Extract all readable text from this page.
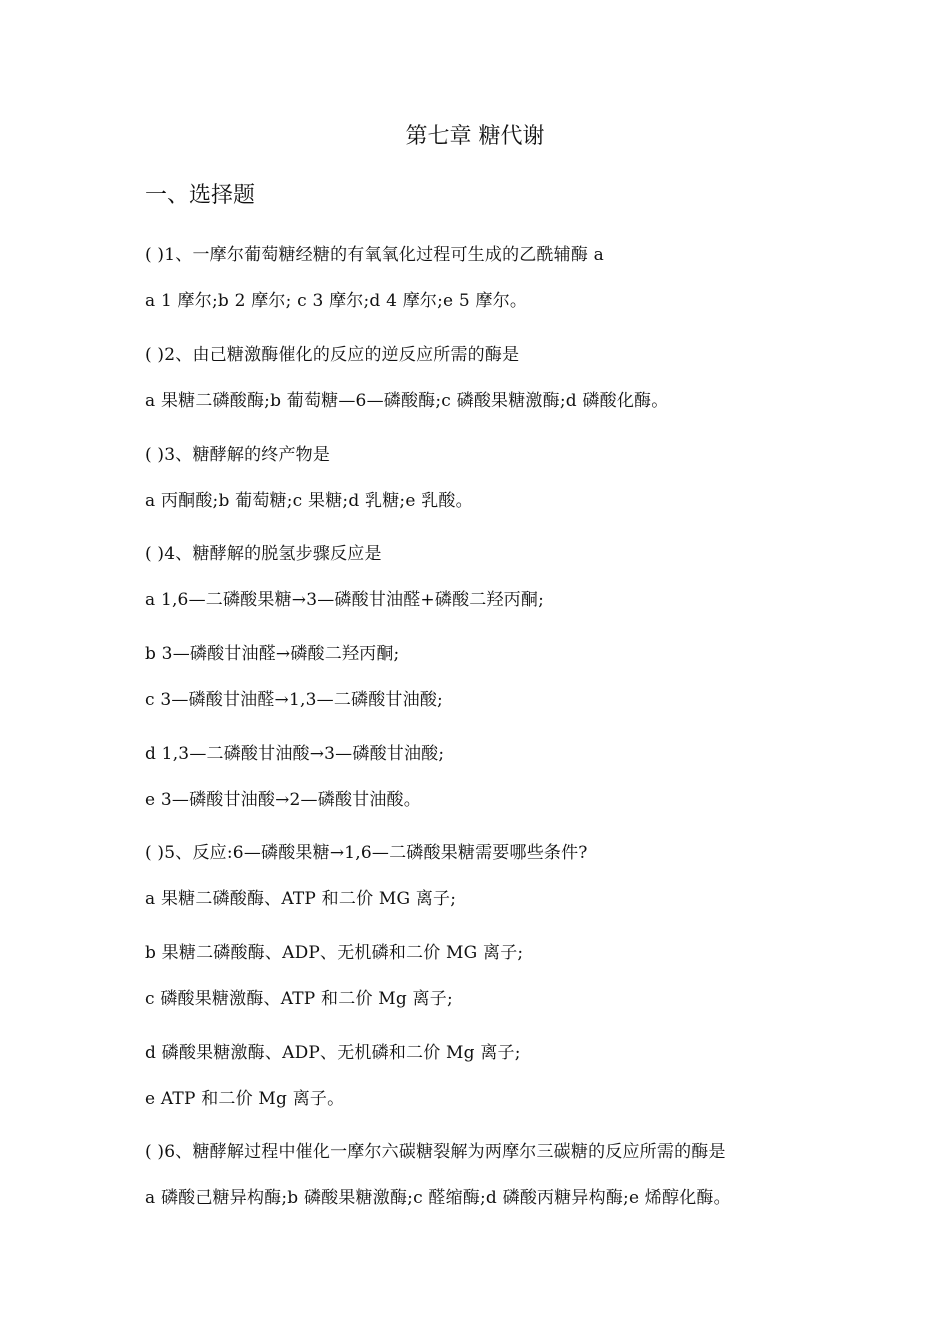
第七章 糖代谢
一、选择题
( )1、一摩尔葡萄糖经糖的有氧氧化过程可生成的乙酰辅酶 a
a 1 摩尔;b 2 摩尔; c 3 摩尔;d 4 摩尔;e 5 摩尔。
( )2、由己糖激酶催化的反应的逆反应所需的酶是
a 果糖二磷酸酶;b 葡萄糖—6—磷酸酶;c 磷酸果糖激酶;d 磷酸化酶。
( )3、糖酵解的终产物是
a 丙酮酸;b 葡萄糖;c 果糖;d 乳糖;e 乳酸。
( )4、糖酵解的脱氢步骤反应是
a 1,6—二磷酸果糖→3—磷酸甘油醛+磷酸二羟丙酮;
b 3—磷酸甘油醛→磷酸二羟丙酮;
c 3—磷酸甘油醛→1,3—二磷酸甘油酸;
d 1,3—二磷酸甘油酸→3—磷酸甘油酸;
e 3—磷酸甘油酸→2—磷酸甘油酸。
( )5、反应:6—磷酸果糖→1,6—二磷酸果糖需要哪些条件?
a 果糖二磷酸酶、ATP 和二价 MG 离子;
b 果糖二磷酸酶、ADP、无机磷和二价 MG 离子;
c 磷酸果糖激酶、ATP 和二价 Mg 离子;
d 磷酸果糖激酶、ADP、无机磷和二价 Mg 离子;
e ATP 和二价 Mg 离子。
( )6、糖酵解过程中催化一摩尔六碳糖裂解为两摩尔三碳糖的反应所需的酶是
a 磷酸己糖异构酶;b 磷酸果糖激酶;c 醛缩酶;d 磷酸丙糖异构酶;e 烯醇化酶。
